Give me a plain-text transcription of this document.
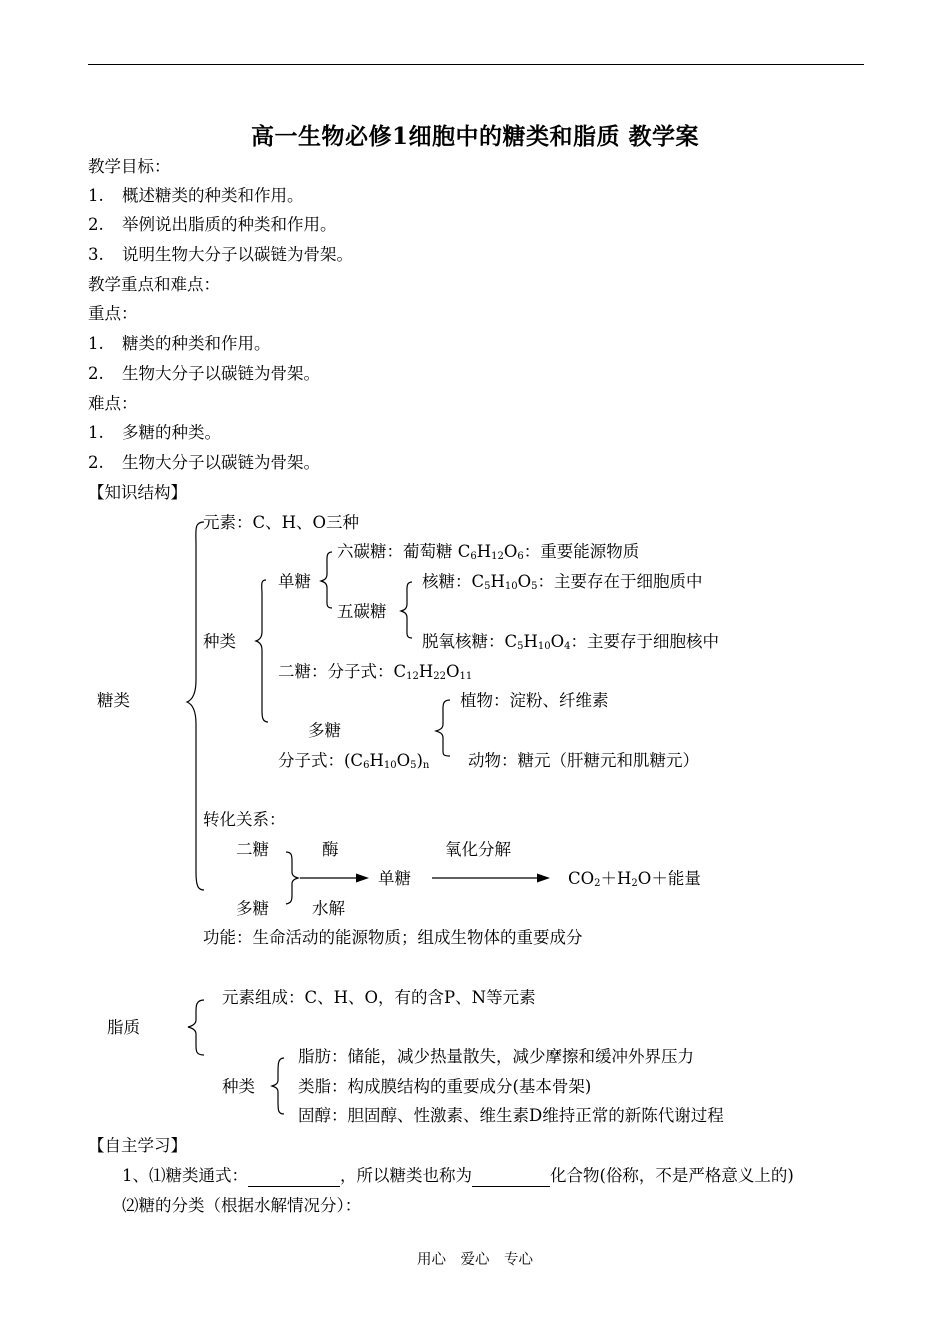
高一生物必修1细胞中的糖类和脂质 教学案
教学目标：
1. 概述糖类的种类和作用。
2. 举例说出脂质的种类和作用。
3. 说明生物大分子以碳链为骨架。
教学重点和难点：
重点：
1. 糖类的种类和作用。
2. 生物大分子以碳链为骨架。
难点：
1. 多糖的种类。
2. 生物大分子以碳链为骨架。
【知识结构】
元素：C、H、O三种
六碳糖：葡萄糖 $C_6H_{12}O_6$：重要能源物质
单糖	核糖：$C_5H_{10}O_5$：主要存在于细胞质中
五碳糖
种类	脱氧核糖：$C_5H_{10}O_4$：主要存于细胞核中
二糖：分子式：$C_{12}H_{22}O_{11}$
糖类	植物：淀粉、纤维素
多糖
分子式：$(C_6H_{10}O_5)_n$ 动物：糖元（肝糖元和肌糖元）
转化关系：
二糖	酶	氧化分解
单糖	$CO_2+H_2O+$能量
多糖	水解
功能：生命活动的能源物质；组成生物体的重要成分
元素组成：C、H、O，有的含P、N等元素
脂质
脂肪：储能，减少热量散失，减少摩擦和缓冲外界压力
种类	类脂：构成膜结构的重要成分(基本骨架)
固醇：胆固醇、性激素、维生素D维持正常的新陈代谢过程
【自主学习】
1、⑴糖类通式：	，所以糖类也称为	化合物(俗称，不是严格意义上的)
⑵糖的分类（根据水解情况分）：
用心　爱心　专心
